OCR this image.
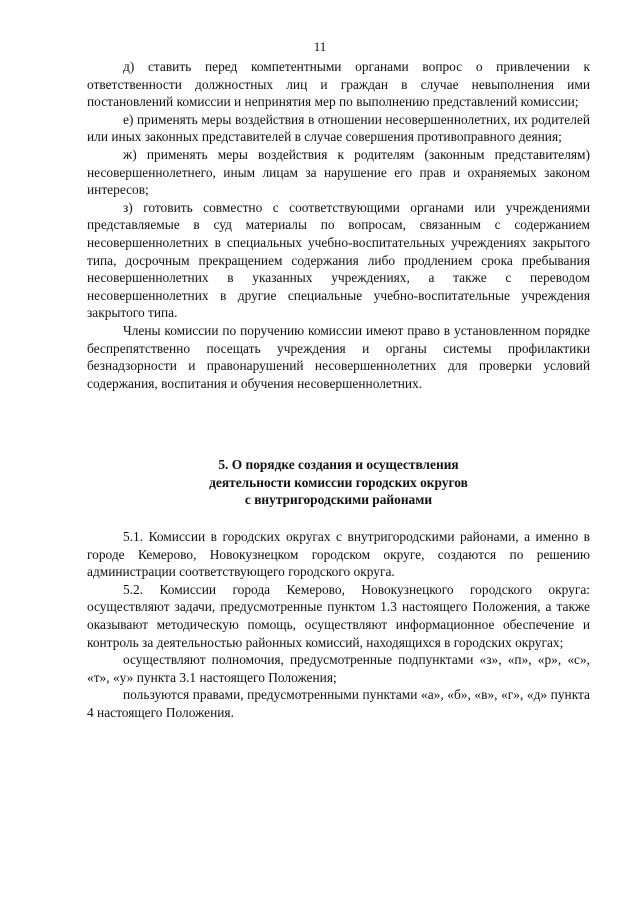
11

д) ставить перед компетентными органами вопрос о привлечении к ответственности должностных лиц и граждан в случае невыполнения ими постановлений комиссии и непринятия мер по выполнению представлений комиссии;

е) применять меры воздействия в отношении несовершеннолетних, их родителей или иных законных представителей в случае совершения противоправного деяния;

ж) применять меры воздействия к родителям (законным представителям) несовершеннолетнего, иным лицам за нарушение его прав и охраняемых законом интересов;

з) готовить совместно с соответствующими органами или учреждениями представляемые в суд материалы по вопросам, связанным с содержанием несовершеннолетних в специальных учебно-воспитательных учреждениях закрытого типа, досрочным прекращением содержания либо продлением срока пребывания несовершеннолетних в указанных учреждениях, а также с переводом несовершеннолетних в другие специальные учебно-воспитательные учреждения закрытого типа.

Члены комиссии по поручению комиссии имеют право в установленном порядке беспрепятственно посещать учреждения и органы системы профилактики безнадзорности и правонарушений несовершеннолетних для проверки условий содержания, воспитания и обучения несовершеннолетних.

5. О порядке создания и осуществления

деятельности комиссии городских округов

с внутригородскими районами

5.1. Комиссии в городских округах с внутригородскими районами, а именно в городе Кемерово, Новокузнецком городском округе, создаются по решению администрации соответствующего городского округа.

5.2. Комиссии города Кемерово, Новокузнецкого городского округа: осуществляют задачи, предусмотренные пунктом 1.3 настоящего Положения, а также оказывают методическую помощь, осуществляют информационное обеспечение и контроль за деятельностью районных комиссий, находящихся в городских округах;

осуществляют полномочия, предусмотренные подпунктами «з», «п», «р», «с», «т», «у» пункта 3.1 настоящего Положения;

пользуются правами, предусмотренными пунктами «а», «б», «в», «г», «д» пункта 4 настоящего Положения.
